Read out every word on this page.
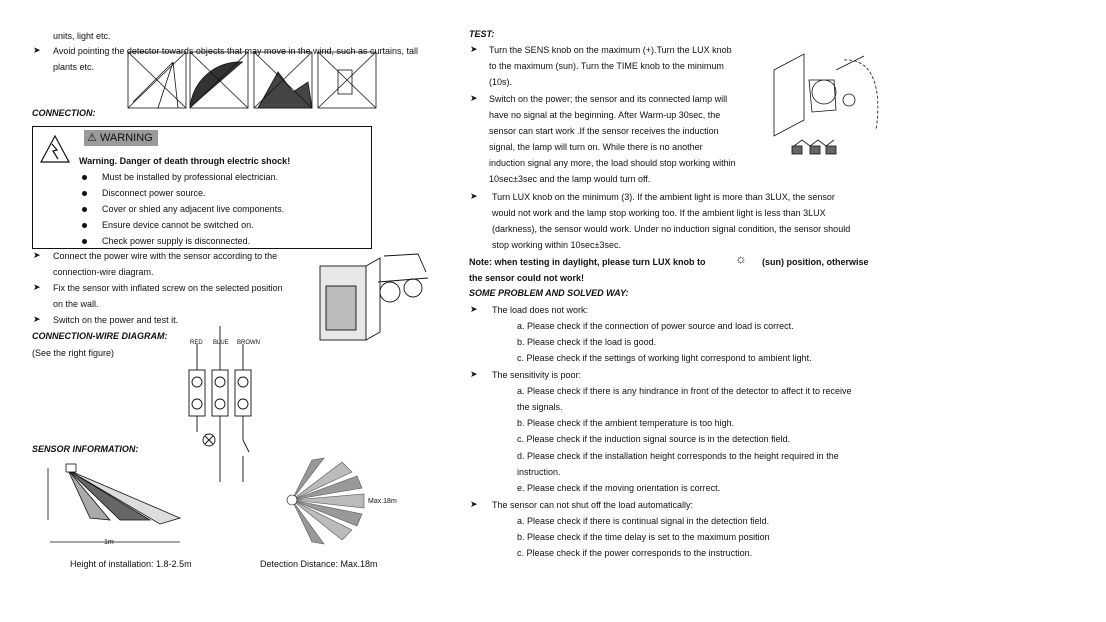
units, light etc.
➤ Avoid pointing the detector towards objects that may move in the wind, such as curtains, tall
plants etc.
CONNECTION:
⚠ WARNING
Warning. Danger of death through electric shock!
Must be installed by professional electrician.
Disconnect power source.
Cover or shied any adjacent live components.
Ensure device cannot be switched on.
Check power supply is disconnected.
➤ Connect the power wire with the sensor according to the
connection-wire diagram.
➤ Fix the sensor with inflated screw on the selected position
on the wall.
➤ Switch on the power and test it.
CONNECTION-WIRE DIAGRAM:
(See the right figure)
RED BLUE BROWN
SENSOR INFORMATION:
1m
Max.18m
Height of installation: 1.8-2.5m	Detection Distance: Max.18m
TEST:
➤ Turn the SENS knob on the maximum (+).Turn the LUX knob
to the maximum (sun). Turn the TIME knob to the minimum
(10s).
➤ Switch on the power; the sensor and its connected lamp will
have no signal at the beginning. After Warm-up 30sec, the
sensor can start work .If the sensor receives the induction
signal, the lamp will turn on. While there is no another
induction signal any more, the load should stop working within
10sec±3sec and the lamp would turn off.
➤ Turn LUX knob on the minimum (3). If the ambient light is more than 3LUX, the sensor
would not work and the lamp stop working too. If the ambient light is less than 3LUX
(darkness), the sensor would work. Under no induction signal condition, the sensor should
stop working within 10sec±3sec.
Note: when testing in daylight, please turn LUX knob to ☼ (sun) position, otherwise
the sensor could not work!
SOME PROBLEM AND SOLVED WAY:
➤ The load does not work:
a. Please check if the connection of power source and load is correct.
b. Please check if the load is good.
c. Please check if the settings of working light correspond to ambient light.
➤ The sensitivity is poor:
a. Please check if there is any hindrance in front of the detector to affect it to receive
the signals.
b. Please check if the ambient temperature is too high.
c. Please check if the induction signal source is in the detection field.
d. Please check if the installation height corresponds to the height required in the
instruction.
e. Please check if the moving orientation is correct.
➤ The sensor can not shut off the load automatically:
a. Please check if there is continual signal in the detection field.
b. Please check if the time delay is set to the maximum position
c. Please check if the power corresponds to the instruction.
